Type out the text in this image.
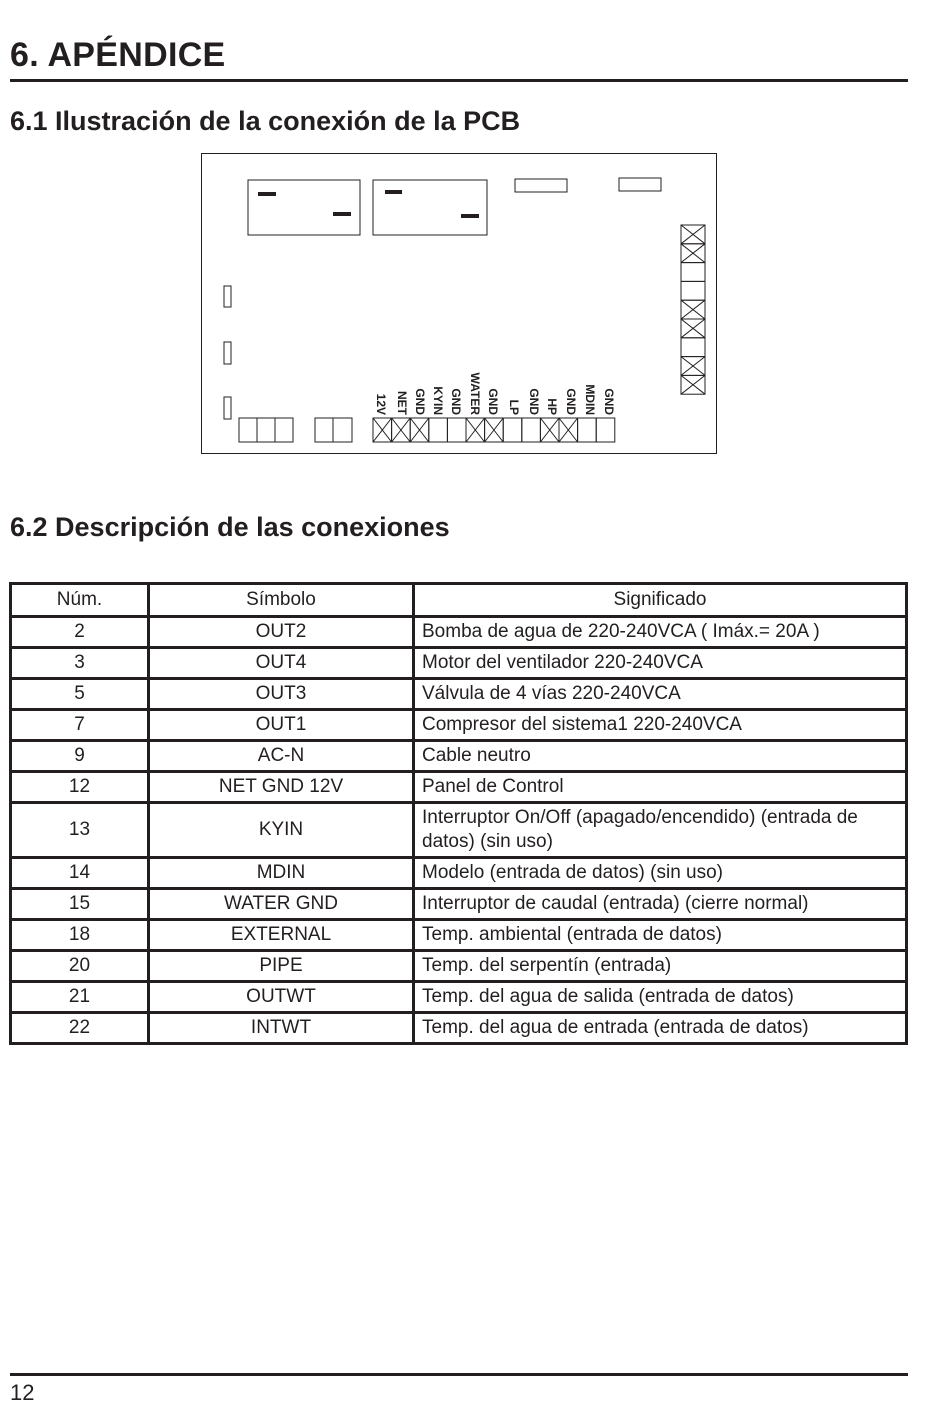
6. APÉNDICE
6.1 Ilustración de la conexión de la PCB
12V NET GND KYIN GND WATER GND LP GND HP GND MDIN GND
6.2 Descripción de las conexiones
Núm.	Símbolo	Significado
2	OUT2	Bomba de agua de 220-240VCA ( Imáx.= 20A )
3	OUT4	Motor del ventilador 220-240VCA
5	OUT3	Válvula de 4 vías 220-240VCA
7	OUT1	Compresor del sistema1 220-240VCA
9	AC-N	Cable neutro
12	NET GND 12V	Panel de Control
13	KYIN	Interruptor On/Off (apagado/encendido) (entrada de datos) (sin uso)
14	MDIN	Modelo (entrada de datos) (sin uso)
15	WATER GND	Interruptor de caudal (entrada) (cierre normal)
18	EXTERNAL	Temp. ambiental (entrada de datos)
20	PIPE	Temp. del serpentín (entrada)
21	OUTWT	Temp. del agua de salida (entrada de datos)
22	INTWT	Temp. del agua de entrada (entrada de datos)
12
